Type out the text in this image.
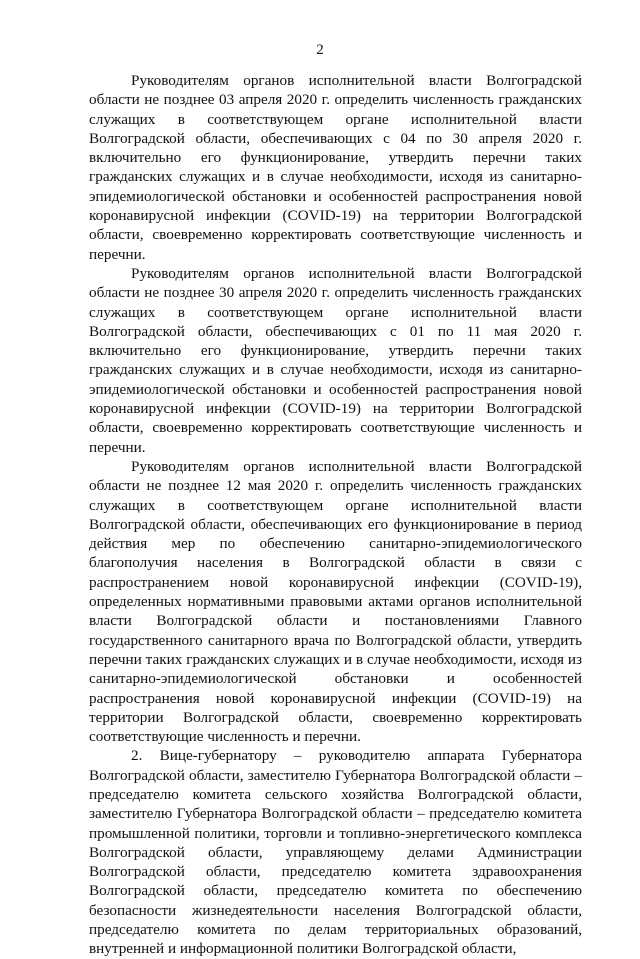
2

Руководителям органов исполнительной власти Волгоградской области не позднее 03 апреля 2020 г. определить численность гражданских служащих в соответствующем органе исполнительной власти Волгоградской области, обеспечивающих с 04 по 30 апреля 2020 г. включительно его функционирование, утвердить перечни таких гражданских служащих и в случае необходимости, исходя из санитарно-эпидемиологической обстановки и особенностей распространения новой коронавирусной инфекции (COVID-19) на территории Волгоградской области, своевременно корректировать соответствующие численность и перечни.

Руководителям органов исполнительной власти Волгоградской области не позднее 30 апреля 2020 г. определить численность гражданских служащих в соответствующем органе исполнительной власти Волгоградской области, обеспечивающих с 01 по 11 мая 2020 г. включительно его функционирование, утвердить перечни таких гражданских служащих и в случае необходимости, исходя из санитарно-эпидемиологической обстановки и особенностей распространения новой коронавирусной инфекции (COVID-19) на территории Волгоградской области, своевременно корректировать соответствующие численность и перечни.

Руководителям органов исполнительной власти Волгоградской области не позднее 12 мая 2020 г. определить численность гражданских служащих в соответствующем органе исполнительной власти Волгоградской области, обеспечивающих его функционирование в период действия мер по обеспечению санитарно-эпидемиологического благополучия населения в Волгоградской области в связи с распространением новой коронавирусной инфекции (COVID-19), определенных нормативными правовыми актами органов исполнительной власти Волгоградской области и постановлениями Главного государственного санитарного врача по Волгоградской области, утвердить перечни таких гражданских служащих и в случае необходимости, исходя из санитарно-эпидемиологической обстановки и особенностей распространения новой коронавирусной инфекции (COVID-19) на территории Волгоградской области, своевременно корректировать соответствующие численность и перечни.

2. Вице-губернатору – руководителю аппарата Губернатора Волгоградской области, заместителю Губернатора Волгоградской области – председателю комитета сельского хозяйства Волгоградской области, заместителю Губернатора Волгоградской области – председателю комитета промышленной политики, торговли и топливно-энергетического комплекса Волгоградской области, управляющему делами Администрации Волгоградской области, председателю комитета здравоохранения Волгоградской области, председателю комитета по обеспечению безопасности жизнедеятельности населения Волгоградской области, председателю комитета по делам территориальных образований, внутренней и информационной политики Волгоградской области,
